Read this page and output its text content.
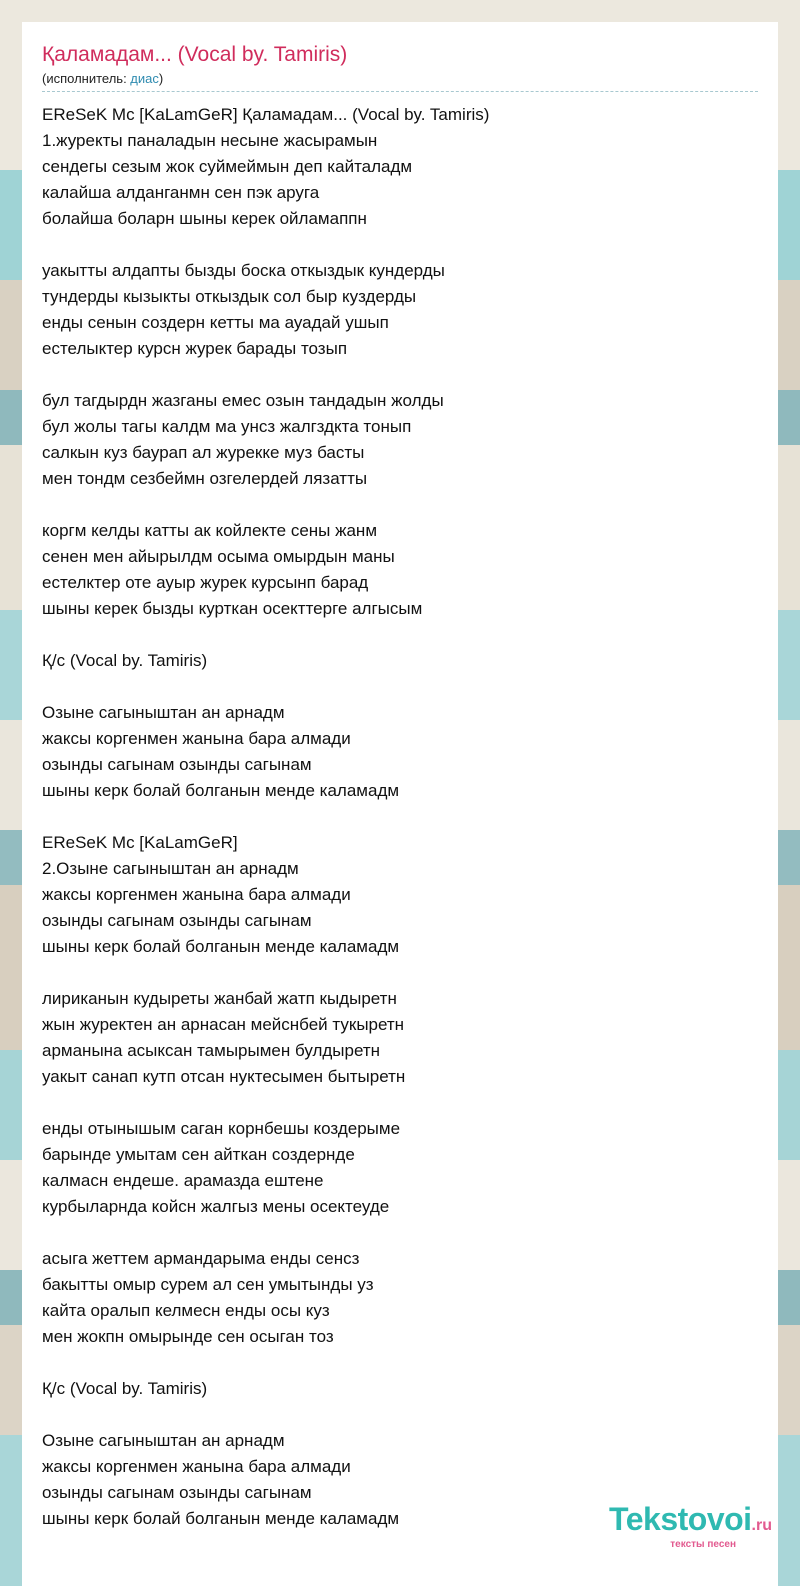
Қаламадам... (Vocal by. Tamiris)
(исполнитель: диас)
EReSeK Mc [KaLamGeR] Қаламадам... (Vocal by. Tamiris)
1.журекты паналадын несыне жасырамын
сендегы сезым жок суймеймын деп кайталадм
калайша алданганмн сен пэк аруга
болайша боларн шыны керек ойламаппн
уакытты алдапты бызды боска откыздык кундерды
тундерды кызыкты откыздык сол быр куздерды
енды сенын создерн кетты ма ауадай ушып
естелыктер курсн журек барады тозып
бул тагдырдн жазганы емес озын тандадын жолды
бул жолы тагы калдм ма унсз жалгздкта тонып
салкын куз баурап ал журекке муз басты
мен тондм сезбеймн озгелердей лязатты
коргм келды катты ак койлекте сены жанм
сенен мен айырылдм осыма омырдын маны
естелктер оте ауыр журек курсынп барад
шыны керек бызды курткан осекттерге алгысым
Қ/с (Vocal by. Tamiris)
Озыне сагыныштан ан арнадм
жаксы коргенмен жанына бара алмади
озынды сагынам озынды сагынам
шыны керк болай болганын менде каламадм
EReSeK Mc [KaLamGeR]
2.Озыне сагыныштан ан арнадм
жаксы коргенмен жанына бара алмади
озынды сагынам озынды сагынам
шыны керк болай болганын менде каламадм
лириканын кудыреты жанбай жатп кыдыретн
жын журектен ан арнасан мейснбей тукыретн
арманына асыксан тамырымен булдыретн
уакыт санап кутп отсан нуктесымен бытыретн
енды отынышым саган корнбешы коздерыме
барынде умытам сен айткан создернде
калмасн ендеше. арамазда ештене
курбыларнда койсн жалгыз мены осектеуде
асыга жеттем армандарыма енды сенсз
бакытты омыр сурем ал сен умытынды уз
кайта оралып келмесн енды осы куз
мен жокпн омырынде сен осыган тоз
Қ/с (Vocal by. Tamiris)
Озыне сагыныштан ан арнадм
жаксы коргенмен жанына бара алмади
озынды сагынам озынды сагынам
шыны керк болай болганын менде каламадм	Tekstovoi.ru
тексты песен
